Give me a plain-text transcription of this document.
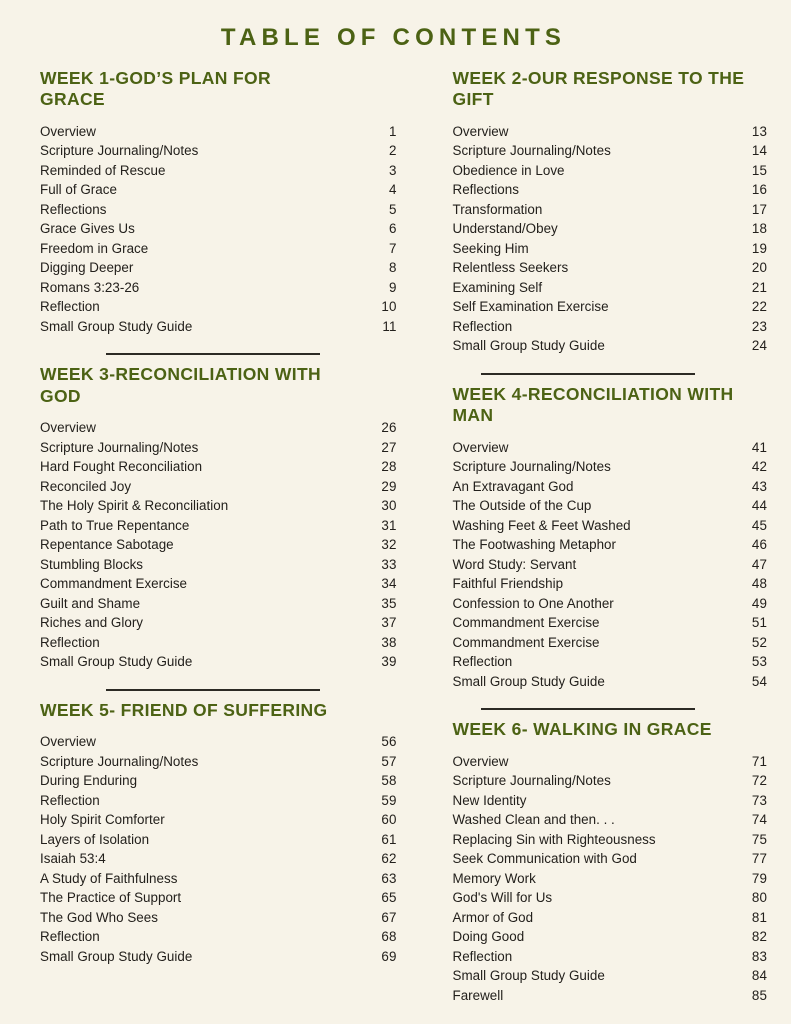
TABLE OF CONTENTS
WEEK 1-GOD’S PLAN FOR GRACE
Overview	1
Scripture Journaling/Notes	2
Reminded of Rescue	3
Full of Grace	4
Reflections	5
Grace Gives Us	6
Freedom in Grace	7
Digging Deeper	8
Romans 3:23-26	9
Reflection	10
Small Group Study Guide	11
WEEK 3-RECONCILIATION WITH GOD
Overview	26
Scripture Journaling/Notes	27
Hard Fought Reconciliation	28
Reconciled Joy	29
The Holy Spirit & Reconciliation	30
Path to True Repentance	31
Repentance Sabotage	32
Stumbling Blocks	33
Commandment Exercise	34
Guilt and Shame	35
Riches and Glory	37
Reflection	38
Small Group Study Guide	39
WEEK 5- FRIEND OF SUFFERING
Overview	56
Scripture Journaling/Notes	57
During Enduring	58
Reflection	59
Holy Spirit Comforter	60
Layers of Isolation	61
Isaiah 53:4	62
A Study of Faithfulness	63
The Practice of Support	65
The God Who Sees	67
Reflection	68
Small Group Study Guide	69
WEEK 2-OUR RESPONSE TO THE GIFT
Overview	13
Scripture Journaling/Notes	14
Obedience in Love	15
Reflections	16
Transformation	17
Understand/Obey	18
Seeking Him	19
Relentless Seekers	20
Examining Self	21
Self Examination Exercise	22
Reflection	23
Small Group Study Guide	24
WEEK 4-RECONCILIATION WITH MAN
Overview	41
Scripture Journaling/Notes	42
An Extravagant God	43
The Outside of the Cup	44
Washing Feet & Feet Washed	45
The Footwashing Metaphor	46
Word Study: Servant	47
Faithful Friendship	48
Confession to One Another	49
Commandment Exercise	51
Commandment Exercise	52
Reflection	53
Small Group Study Guide	54
WEEK 6- WALKING IN GRACE
Overview	71
Scripture Journaling/Notes	72
New Identity	73
Washed Clean and then. . .	74
Replacing Sin with Righteousness	75
Seek Communication with God	77
Memory Work	79
God's Will for Us	80
Armor of God	81
Doing Good	82
Reflection	83
Small Group Study Guide	84
Farewell	85
